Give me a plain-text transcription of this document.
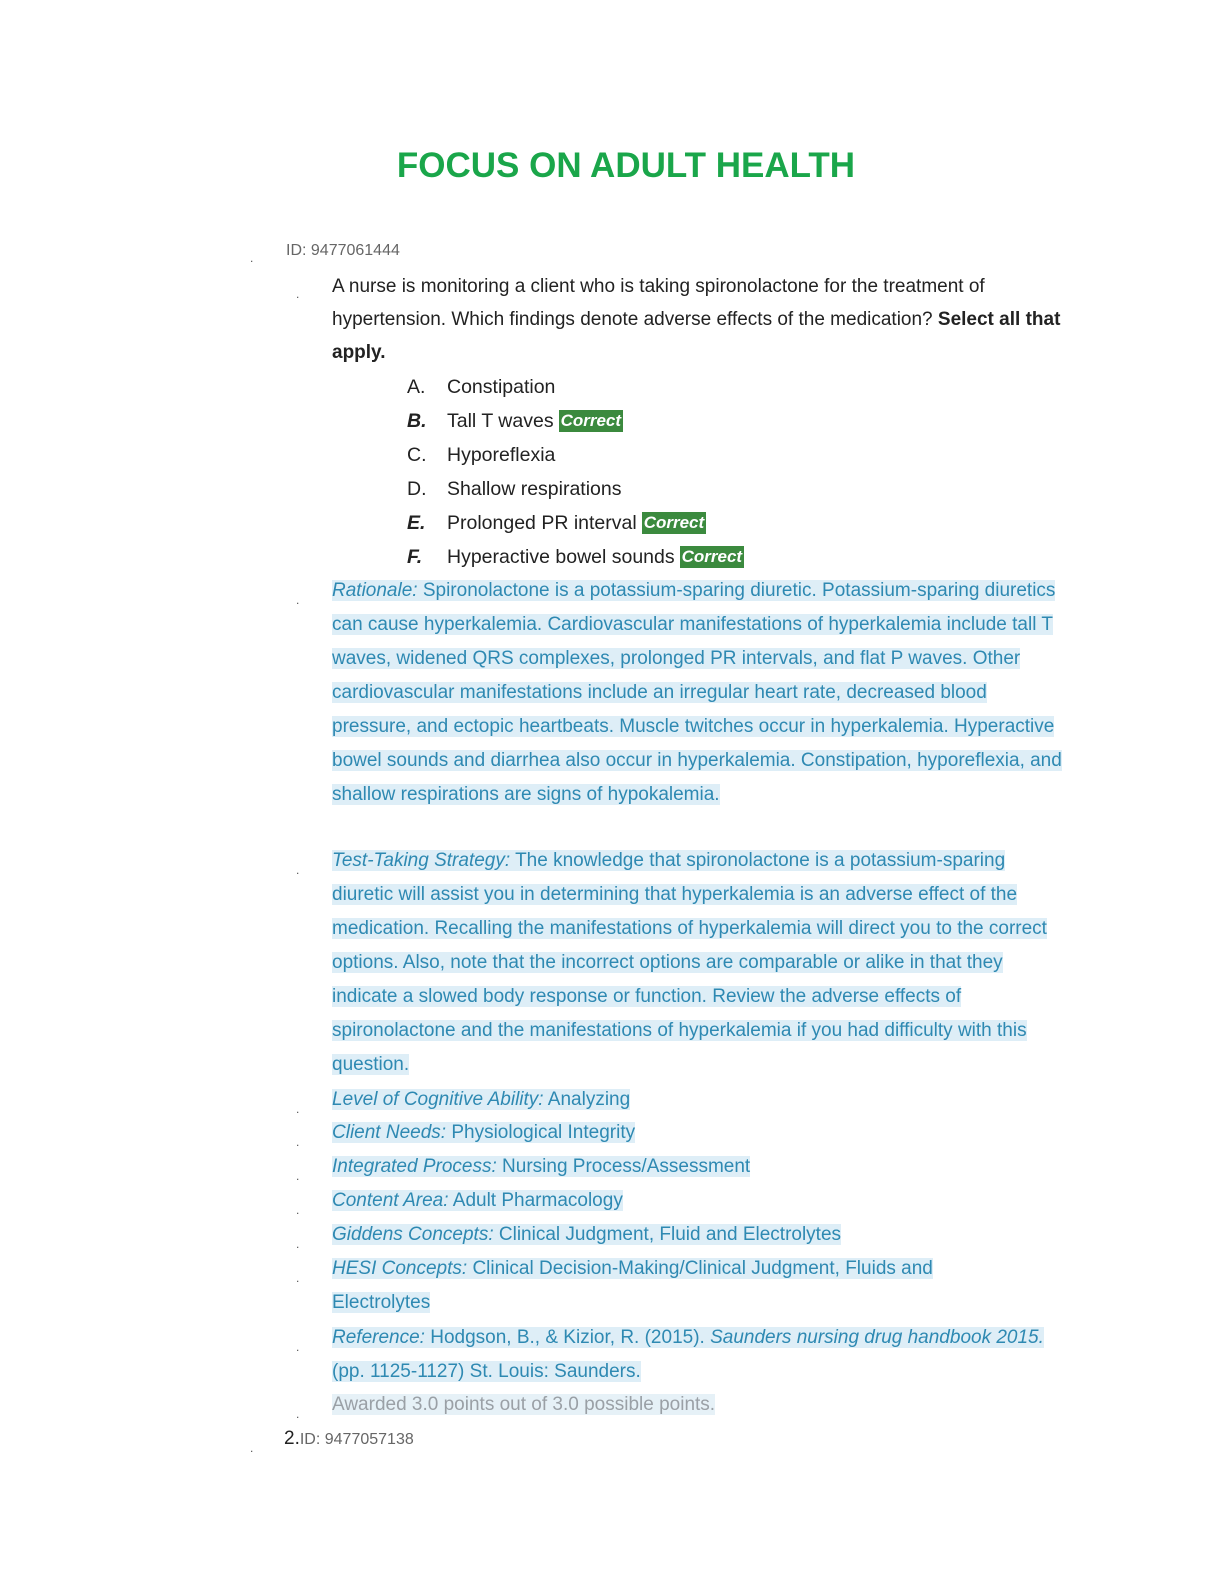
FOCUS ON ADULT HEALTH
. ID: 9477061444
. A nurse is monitoring a client who is taking spironolactone for the treatment of hypertension. Which findings denote adverse effects of the medication? Select all that apply.
A.	Constipation
B.	Tall T waves Correct
C.	Hyporeflexia
D.	Shallow respirations
E.	Prolonged PR interval Correct
F.	Hyperactive bowel sounds Correct
. Rationale: Spironolactone is a potassium-sparing diuretic. Potassium-sparing diuretics can cause hyperkalemia. Cardiovascular manifestations of hyperkalemia include tall T waves, widened QRS complexes, prolonged PR intervals, and flat P waves. Other cardiovascular manifestations include an irregular heart rate, decreased blood pressure, and ectopic heartbeats. Muscle twitches occur in hyperkalemia. Hyperactive bowel sounds and diarrhea also occur in hyperkalemia. Constipation, hyporeflexia, and shallow respirations are signs of hypokalemia.
. Test-Taking Strategy: The knowledge that spironolactone is a potassium-sparing diuretic will assist you in determining that hyperkalemia is an adverse effect of the medication. Recalling the manifestations of hyperkalemia will direct you to the correct options. Also, note that the incorrect options are comparable or alike in that they indicate a slowed body response or function. Review the adverse effects of spironolactone and the manifestations of hyperkalemia if you had difficulty with this question.
. Level of Cognitive Ability: Analyzing
. Client Needs: Physiological Integrity
. Integrated Process: Nursing Process/Assessment
. Content Area: Adult Pharmacology
. Giddens Concepts: Clinical Judgment, Fluid and Electrolytes
. HESI Concepts: Clinical Decision-Making/Clinical Judgment, Fluids and Electrolytes
. Reference: Hodgson, B., & Kizior, R. (2015). Saunders nursing drug handbook 2015. (pp. 1125-1127) St. Louis: Saunders.
. Awarded 3.0 points out of 3.0 possible points.
. 2.ID: 9477057138
